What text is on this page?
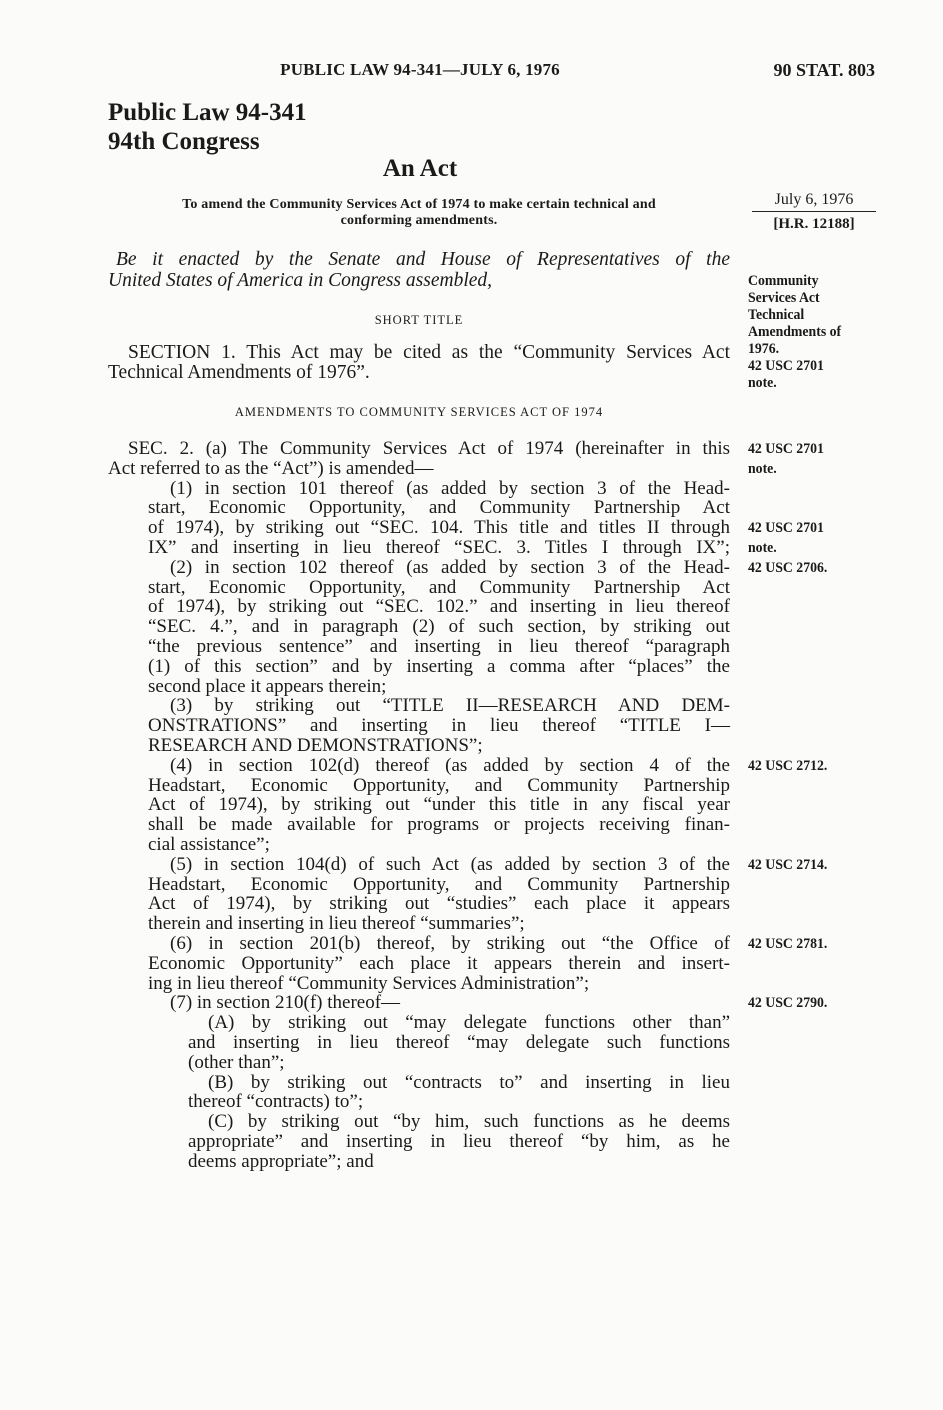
PUBLIC LAW 94-341—JULY 6, 1976	90 STAT. 803
Public Law 94-341
94th Congress
An Act
To amend the Community Services Act of 1974 to make certain technical and
conforming amendments.
July 6, 1976
[H.R. 12188]
Be it enacted by the Senate and House of Representatives of the
United States of America in Congress assembled,
SHORT TITLE
SECTION 1. This Act may be cited as the “Community Services Act
Technical Amendments of 1976”.
AMENDMENTS TO COMMUNITY SERVICES ACT OF 1974
SEC. 2. (a) The Community Services Act of 1974 (hereinafter in this
Act referred to as the “Act”) is amended—
(1) in section 101 thereof (as added by section 3 of the Head-
start, Economic Opportunity, and Community Partnership Act
of 1974), by striking out “SEC. 104. This title and titles II through
IX” and inserting in lieu thereof “SEC. 3. Titles I through IX”;
(2) in section 102 thereof (as added by section 3 of the Head-
start, Economic Opportunity, and Community Partnership Act
of 1974), by striking out “SEC. 102.” and inserting in lieu thereof
“SEC. 4.”, and in paragraph (2) of such section, by striking out
“the previous sentence” and inserting in lieu thereof “paragraph
(1) of this section” and by inserting a comma after “places” the
second place it appears therein;
(3) by striking out “TITLE II—RESEARCH AND DEM-
ONSTRATIONS” and inserting in lieu thereof “TITLE I—
RESEARCH AND DEMONSTRATIONS”;
(4) in section 102(d) thereof (as added by section 4 of the
Headstart, Economic Opportunity, and Community Partnership
Act of 1974), by striking out “under this title in any fiscal year
shall be made available for programs or projects receiving finan-
cial assistance”;
(5) in section 104(d) of such Act (as added by section 3 of the
Headstart, Economic Opportunity, and Community Partnership
Act of 1974), by striking out “studies” each place it appears
therein and inserting in lieu thereof “summaries”;
(6) in section 201(b) thereof, by striking out “the Office of
Economic Opportunity” each place it appears therein and insert-
ing in lieu thereof “Community Services Administration”;
(7) in section 210(f) thereof—
(A) by striking out “may delegate functions other than”
and inserting in lieu thereof “may delegate such functions
(other than”;
(B) by striking out “contracts to” and inserting in lieu
thereof “contracts) to”;
(C) by striking out “by him, such functions as he deems
appropriate” and inserting in lieu thereof “by him, as he
deems appropriate”; and
42 USC 2701
note.
42 USC 2701
note.
42 USC 2706.
42 USC 2712.
42 USC 2714.
42 USC 2781.
42 USC 2790.
Community
Services Act
Technical
Amendments of
1976.
42 USC 2701
note.
